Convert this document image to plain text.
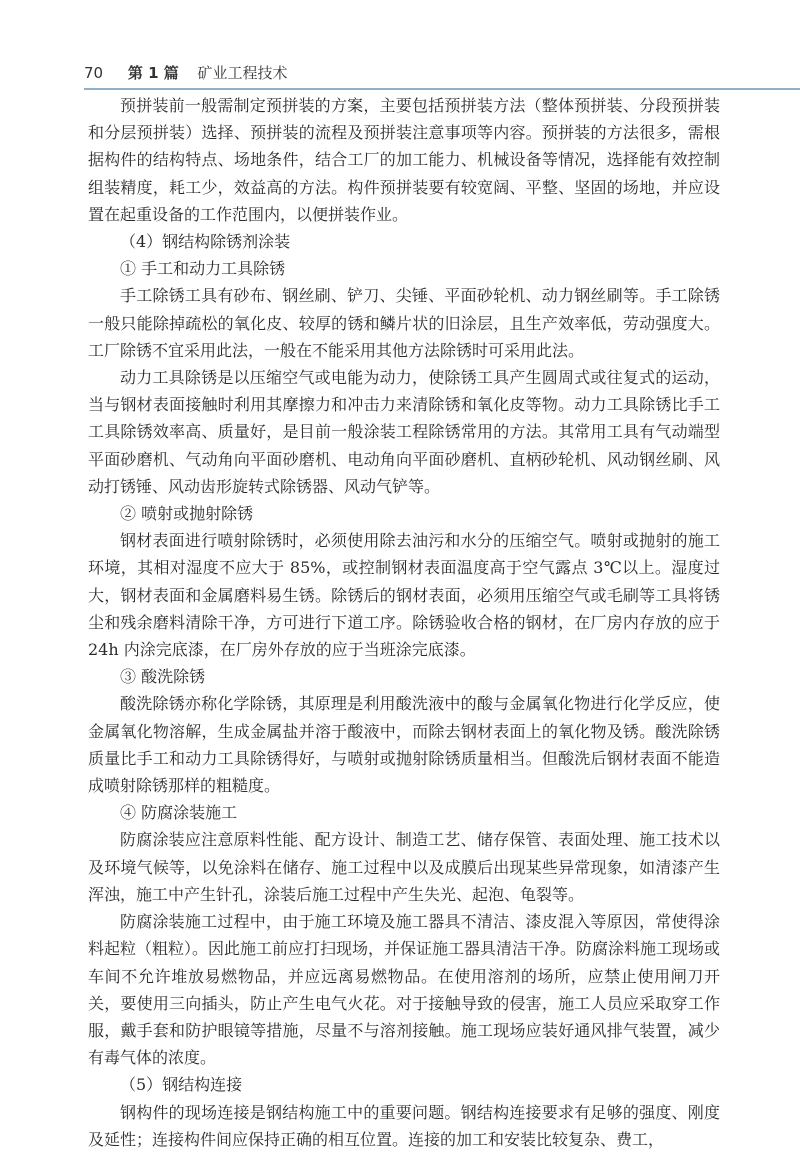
70 第 1 篇 矿业工程技术

预拼装前一般需制定预拼装的方案，主要包括预拼装方法（整体预拼装、分段预拼装和分层预拼装）选择、预拼装的流程及预拼装注意事项等内容。预拼装的方法很多，需根据构件的结构特点、场地条件，结合工厂的加工能力、机械设备等情况，选择能有效控制组装精度，耗工少，效益高的方法。构件预拼装要有较宽阔、平整、坚固的场地，并应设置在起重设备的工作范围内，以便拼装作业。

（4）钢结构除锈剂涂装

① 手工和动力工具除锈

手工除锈工具有砂布、钢丝刷、铲刀、尖锤、平面砂轮机、动力钢丝刷等。手工除锈一般只能除掉疏松的氧化皮、较厚的锈和鳞片状的旧涂层，且生产效率低，劳动强度大。工厂除锈不宜采用此法，一般在不能采用其他方法除锈时可采用此法。

动力工具除锈是以压缩空气或电能为动力，使除锈工具产生圆周式或往复式的运动，当与钢材表面接触时利用其摩擦力和冲击力来清除锈和氧化皮等物。动力工具除锈比手工工具除锈效率高、质量好，是目前一般涂装工程除锈常用的方法。其常用工具有气动端型平面砂磨机、气动角向平面砂磨机、电动角向平面砂磨机、直柄砂轮机、风动钢丝刷、风动打锈锤、风动齿形旋转式除锈器、风动气铲等。

② 喷射或抛射除锈

钢材表面进行喷射除锈时，必须使用除去油污和水分的压缩空气。喷射或抛射的施工环境，其相对湿度不应大于 85%，或控制钢材表面温度高于空气露点 3℃以上。湿度过大，钢材表面和金属磨料易生锈。除锈后的钢材表面，必须用压缩空气或毛刷等工具将锈尘和残余磨料清除干净，方可进行下道工序。除锈验收合格的钢材，在厂房内存放的应于 24h 内涂完底漆，在厂房外存放的应于当班涂完底漆。

③ 酸洗除锈

酸洗除锈亦称化学除锈，其原理是利用酸洗液中的酸与金属氧化物进行化学反应，使金属氧化物溶解，生成金属盐并溶于酸液中，而除去钢材表面上的氧化物及锈。酸洗除锈质量比手工和动力工具除锈得好，与喷射或抛射除锈质量相当。但酸洗后钢材表面不能造成喷射除锈那样的粗糙度。

④ 防腐涂装施工

防腐涂装应注意原料性能、配方设计、制造工艺、储存保管、表面处理、施工技术以及环境气候等，以免涂料在储存、施工过程中以及成膜后出现某些异常现象，如清漆产生浑浊，施工中产生针孔，涂装后施工过程中产生失光、起泡、龟裂等。

防腐涂装施工过程中，由于施工环境及施工器具不清洁、漆皮混入等原因，常使得涂料起粒（粗粒）。因此施工前应打扫现场，并保证施工器具清洁干净。防腐涂料施工现场或车间不允许堆放易燃物品，并应远离易燃物品。在使用溶剂的场所，应禁止使用闸刀开关，要使用三向插头，防止产生电气火花。对于接触导致的侵害，施工人员应采取穿工作服，戴手套和防护眼镜等措施，尽量不与溶剂接触。施工现场应装好通风排气装置，减少有毒气体的浓度。

（5）钢结构连接

钢构件的现场连接是钢结构施工中的重要问题。钢结构连接要求有足够的强度、刚度及延性；连接构件间应保持正确的相互位置。连接的加工和安装比较复杂、费工，
